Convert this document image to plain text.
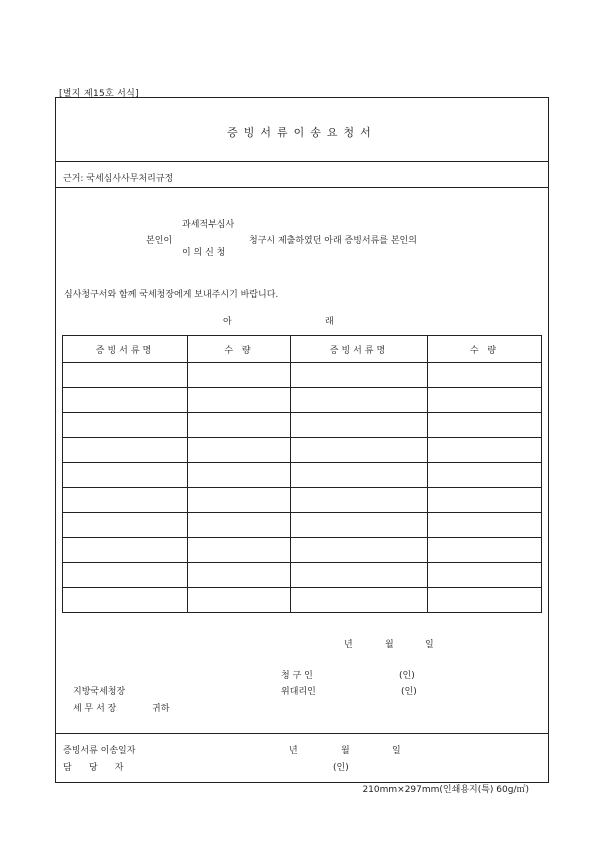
[별지 제15호 서식]
증빙서류이송요청서
근거: 국세심사사무처리규정
과세적부심사
본인이	청구시 제출하였던 아래 증빙서류를 본인의
이 의 신 청
심사청구서와 함께 국세청장에게 보내주시기 바랍니다.
아	래
증빙서류명	수 량	증빙서류명	수 량

년	월	일
청 구 인	(인)
지방국세청장	위대리인	(인)
세 무 서 장	귀하
증빙서류 이송일자	년	월	일
담      당      자	(인)
210mm×297mm(인쇄용지(특) 60g/㎡)
